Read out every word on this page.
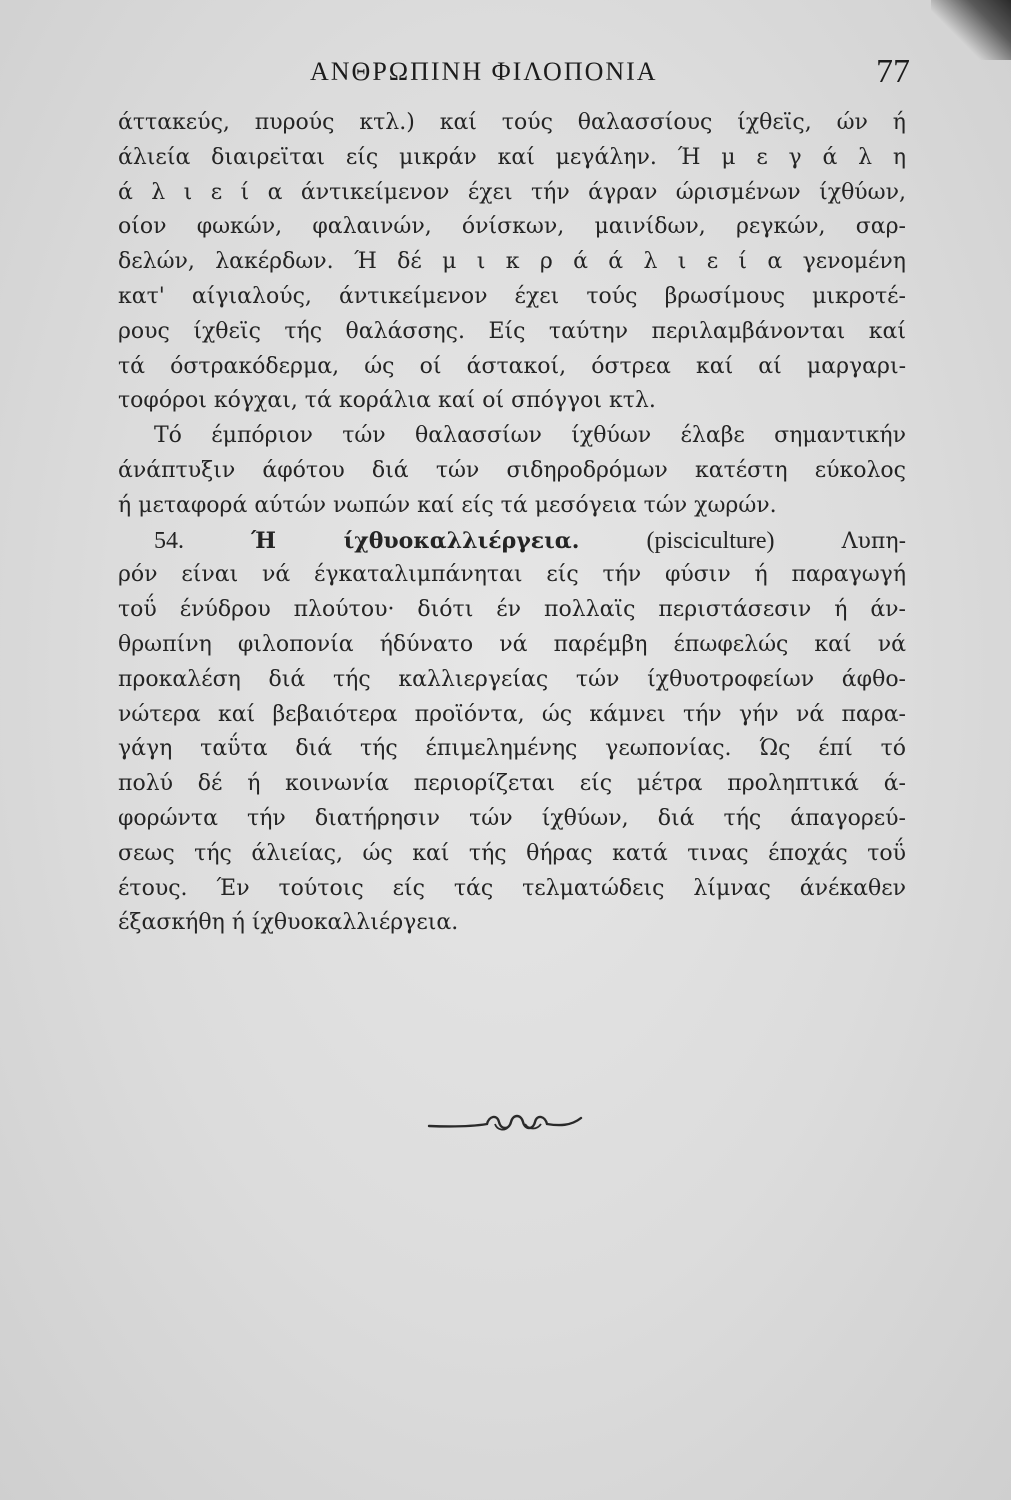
ΑΝΘΡΩΠΙΝΗ ΦΙΛΟΠΟΝΙΑ	77
άττακεύς, πυρούς κτλ.) καί τούς θαλασσίους ίχθεϊς, ών ή
άλιεία διαιρεϊται είς μικράν καί μεγάλην. Ή μ ε γ ά λ η
ά λ ι ε ί α άντικείμενον έχει τήν άγραν ώρισμένων ίχθύων,
οίον φωκών, φαλαινών, όνίσκων, μαινίδων, ρεγκών, σαρ-
δελών, λακέρδων. Ή δέ μ ι κ ρ ά ά λ ι ε ί α γενομένη
κατ' αίγιαλούς, άντικείμενον έχει τούς βρωσίμους μικροτέ-
ρους ίχθεϊς τής θαλάσσης. Είς ταύτην περιλαμβάνονται καί
τά όστρακόδερμα, ώς οί άστακοί, όστρεα καί αί μαργαρι-
τοφόροι κόγχαι, τά κοράλια καί οί σπόγγοι κτλ.
Τό έμπόριον τών θαλασσίων ίχθύων έλαβε σημαντικήν
άνάπτυξιν άφότου διά τών σιδηροδρόμων κατέστη εύκολος
ή μεταφορά αύτών νωπών καί είς τά μεσόγεια τών χωρών.
54.	Ή ίχθυοκαλλιέργεια.	(pisciculture)	Λυπη-
ρόν είναι νά έγκαταλιμπάνηται είς τήν φύσιν ή παραγωγή
τοΰ ένύδρου πλούτου· διότι έν πολλαϊς περιστάσεσιν ή άν-
θρωπίνη φιλοπονία ήδύνατο νά παρέμβη έπωφελώς καί νά
προκαλέση διά τής καλλιεργείας τών ίχθυοτροφείων άφθο-
νώτερα καί βεβαιότερα προϊόντα, ώς κάμνει τήν γήν νά παρα-
γάγη ταΰτα διά τής έπιμελημένης γεωπονίας. Ώς έπί τό
πολύ δέ ή κοινωνία περιορίζεται είς μέτρα προληπτικά ά-
φορώντα τήν διατήρησιν τών ίχθύων, διά τής άπαγορεύ-
σεως τής άλιείας, ώς καί τής θήρας κατά τινας έποχάς τοΰ
έτους. Έν τούτοις είς τάς τελματώδεις λίμνας άνέκαθεν
έξασκήθη ή ίχθυοκαλλιέργεια.
